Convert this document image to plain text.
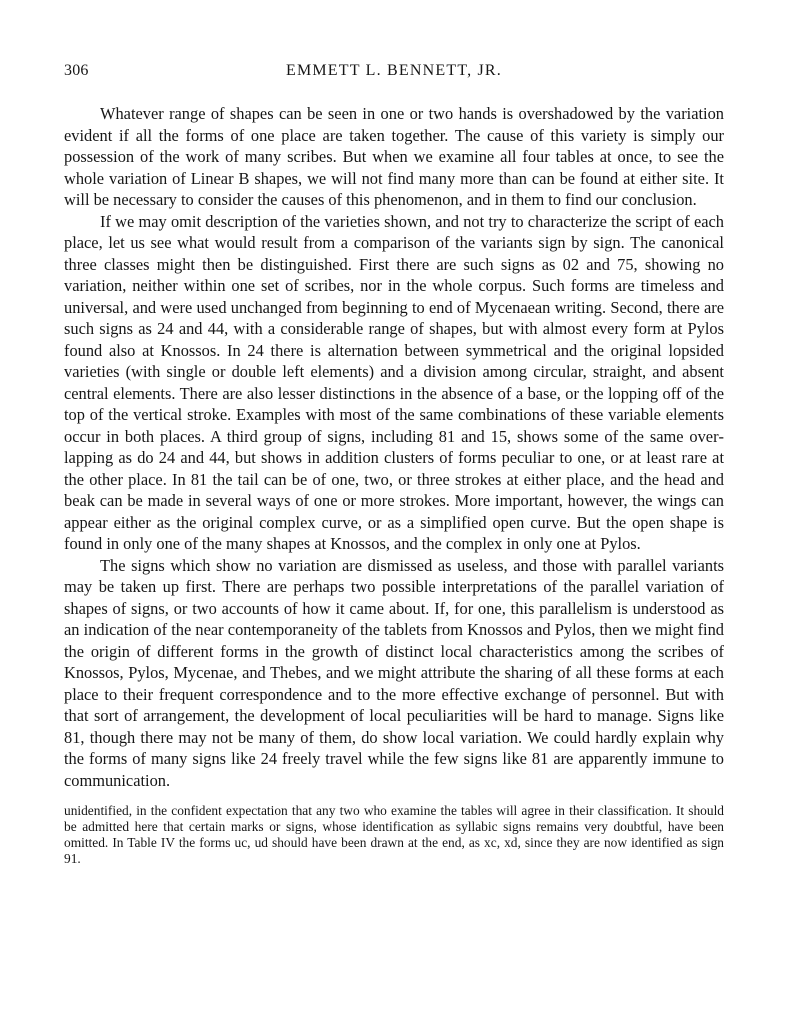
306	EMMETT L. BENNETT, JR.

Whatever range of shapes can be seen in one or two hands is overshadowed by the variation evident if all the forms of one place are taken together. The cause of this variety is simply our possession of the work of many scribes. But when we examine all four tables at once, to see the whole variation of Linear B shapes, we will not find many more than can be found at either site. It will be necessary to consider the causes of this phenomenon, and in them to find our conclusion.

If we may omit description of the varieties shown, and not try to characterize the script of each place, let us see what would result from a comparison of the variants sign by sign. The canonical three classes might then be distinguished. First there are such signs as 02 and 75, showing no variation, neither within one set of scribes, nor in the whole corpus. Such forms are timeless and universal, and were used unchanged from beginning to end of Mycenaean writing. Second, there are such signs as 24 and 44, with a considerable range of shapes, but with almost every form at Pylos found also at Knossos. In 24 there is alternation between symmetrical and the original lopsided varieties (with single or double left elements) and a division among circular, straight, and absent central elements. There are also lesser distinctions in the absence of a base, or the lopping off of the top of the vertical stroke. Examples with most of the same combinations of these variable elements occur in both places. A third group of signs, including 81 and 15, shows some of the same overlapping as do 24 and 44, but shows in addition clusters of forms peculiar to one, or at least rare at the other place. In 81 the tail can be of one, two, or three strokes at either place, and the head and beak can be made in several ways of one or more strokes. More important, however, the wings can appear either as the original complex curve, or as a simplified open curve. But the open shape is found in only one of the many shapes at Knossos, and the complex in only one at Pylos.

The signs which show no variation are dismissed as useless, and those with parallel variants may be taken up first. There are perhaps two possible interpretations of the parallel variation of shapes of signs, or two accounts of how it came about. If, for one, this parallelism is understood as an indication of the near contemporaneity of the tablets from Knossos and Pylos, then we might find the origin of different forms in the growth of distinct local characteristics among the scribes of Knossos, Pylos, Mycenae, and Thebes, and we might attribute the sharing of all these forms at each place to their frequent correspondence and to the more effective exchange of personnel. But with that sort of arrangement, the development of local peculiarities will be hard to manage. Signs like 81, though there may not be many of them, do show local variation. We could hardly explain why the forms of many signs like 24 freely travel while the few signs like 81 are apparently immune to communication.

unidentified, in the confident expectation that any two who examine the tables will agree in their classification. It should be admitted here that certain marks or signs, whose identification as syllabic signs remains very doubtful, have been omitted. In Table IV the forms uc, ud should have been drawn at the end, as xc, xd, since they are now identified as sign 91.
